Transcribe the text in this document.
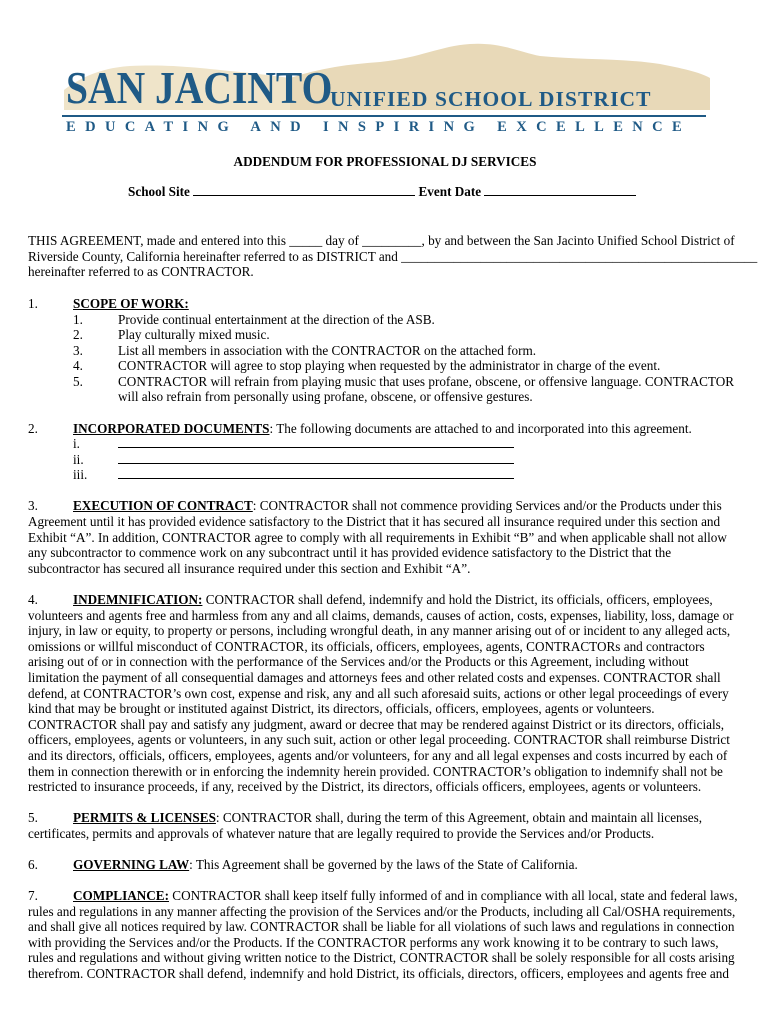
SAN JACINTO
UNIFIED SCHOOL DISTRICT
EDUCATING AND INSPIRING EXCELLENCE
ADDENDUM FOR PROFESSIONAL DJ SERVICES
School Site	Event Date
THIS AGREEMENT, made and entered into this _____ day of _________, by and between the San Jacinto Unified School District of
Riverside County, California hereinafter referred to as DISTRICT and ______________________________________________________
hereinafter referred to as CONTRACTOR.
1.	SCOPE OF WORK:
1.	Provide continual entertainment at the direction of the ASB.
2.	Play culturally mixed music.
3.	List all members in association with the CONTRACTOR on the attached form.
4.	CONTRACTOR will agree to stop playing when requested by the administrator in charge of the event.
5.	CONTRACTOR will refrain from playing music that uses profane, obscene, or offensive language. CONTRACTOR
will also refrain from personally using profane, obscene, or offensive gestures.
2.	INCORPORATED DOCUMENTS: The following documents are attached to and incorporated into this agreement.
i.
ii.
iii.
3.	EXECUTION OF CONTRACT: CONTRACTOR shall not commence providing Services and/or the Products under this
Agreement until it has provided evidence satisfactory to the District that it has secured all insurance required under this section and
Exhibit “A”. In addition, CONTRACTOR agree to comply with all requirements in Exhibit “B” and when applicable shall not allow
any subcontractor to commence work on any subcontract until it has provided evidence satisfactory to the District that the
subcontractor has secured all insurance required under this section and Exhibit “A”.
4.	INDEMNIFICATION: CONTRACTOR shall defend, indemnify and hold the District, its officials, officers, employees,
volunteers and agents free and harmless from any and all claims, demands, causes of action, costs, expenses, liability, loss, damage or
injury, in law or equity, to property or persons, including wrongful death, in any manner arising out of or incident to any alleged acts,
omissions or willful misconduct of CONTRACTOR, its officials, officers, employees, agents, CONTRACTORs and contractors
arising out of or in connection with the performance of the Services and/or the Products or this Agreement, including without
limitation the payment of all consequential damages and attorneys fees and other related costs and expenses. CONTRACTOR shall
defend, at CONTRACTOR’s own cost, expense and risk, any and all such aforesaid suits, actions or other legal proceedings of every
kind that may be brought or instituted against District, its directors, officials, officers, employees, agents or volunteers.
CONTRACTOR shall pay and satisfy any judgment, award or decree that may be rendered against District or its directors, officials,
officers, employees, agents or volunteers, in any such suit, action or other legal proceeding. CONTRACTOR shall reimburse District
and its directors, officials, officers, employees, agents and/or volunteers, for any and all legal expenses and costs incurred by each of
them in connection therewith or in enforcing the indemnity herein provided. CONTRACTOR’s obligation to indemnify shall not be
restricted to insurance proceeds, if any, received by the District, its directors, officials officers, employees, agents or volunteers.
5.	PERMITS & LICENSES: CONTRACTOR shall, during the term of this Agreement, obtain and maintain all licenses,
certificates, permits and approvals of whatever nature that are legally required to provide the Services and/or Products.
6.	GOVERNING LAW: This Agreement shall be governed by the laws of the State of California.
7.	COMPLIANCE: CONTRACTOR shall keep itself fully informed of and in compliance with all local, state and federal laws,
rules and regulations in any manner affecting the provision of the Services and/or the Products, including all Cal/OSHA requirements,
and shall give all notices required by law. CONTRACTOR shall be liable for all violations of such laws and regulations in connection
with providing the Services and/or the Products. If the CONTRACTOR performs any work knowing it to be contrary to such laws,
rules and regulations and without giving written notice to the District, CONTRACTOR shall be solely responsible for all costs arising
therefrom. CONTRACTOR shall defend, indemnify and hold District, its officials, directors, officers, employees and agents free and
